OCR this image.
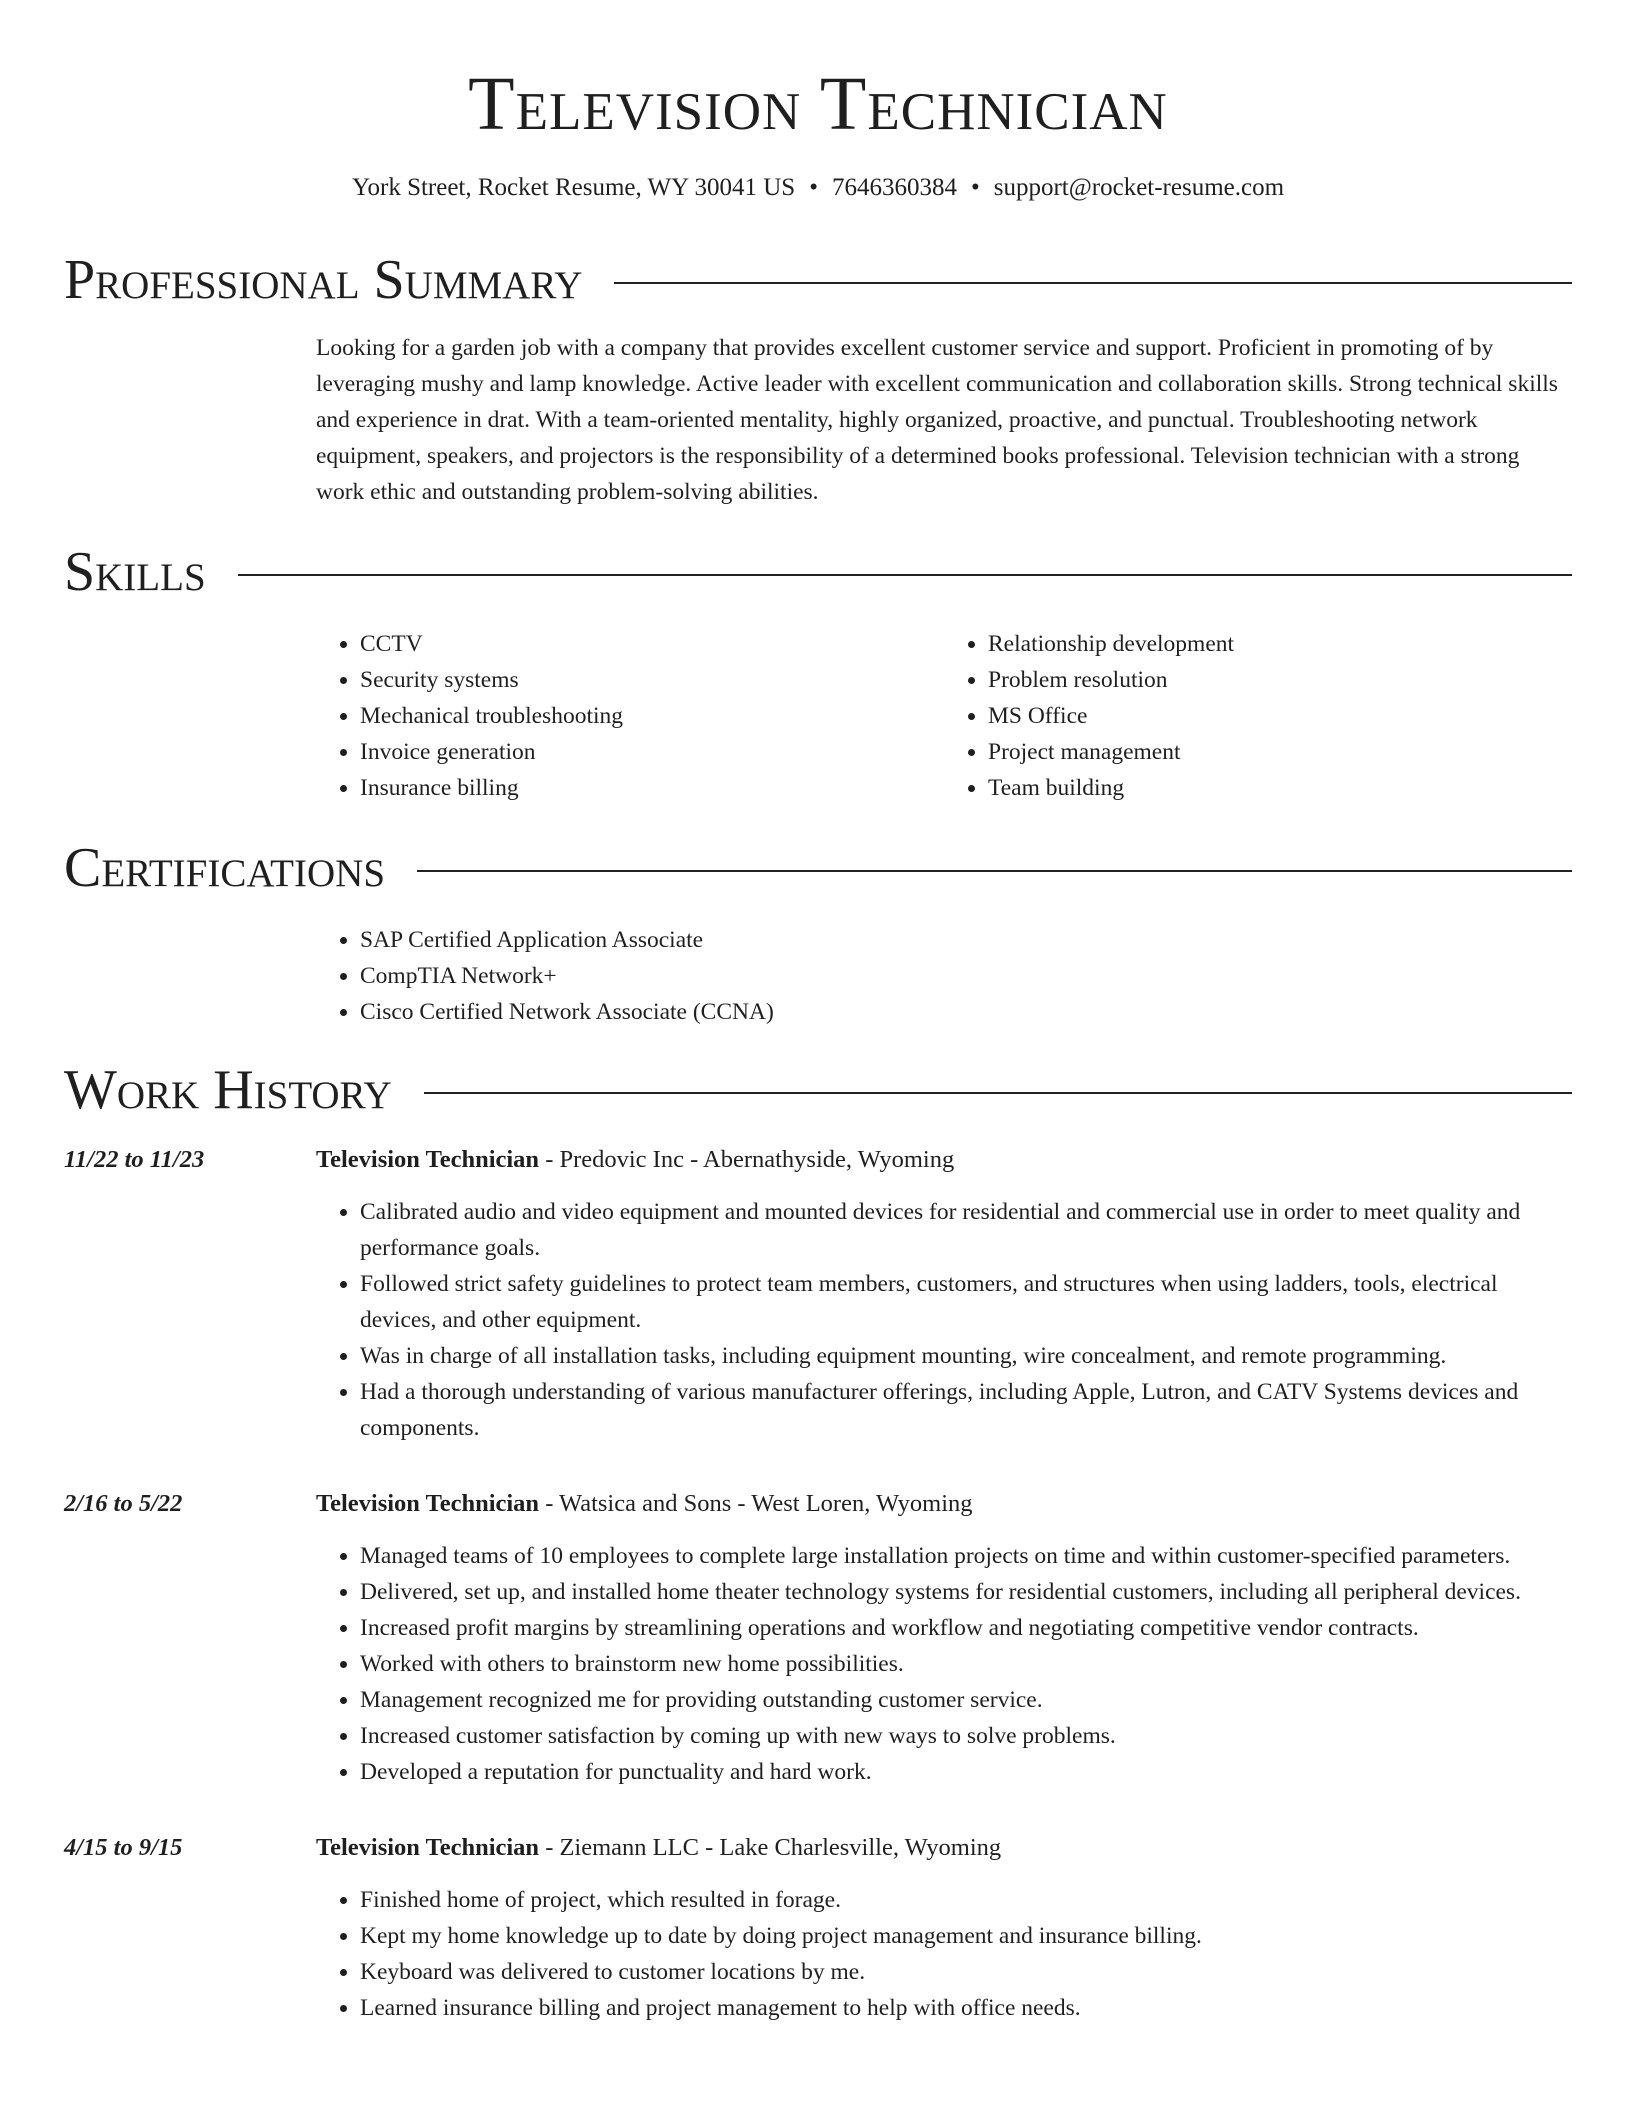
Television Technician
York Street, Rocket Resume, WY 30041 US • 7646360384 • support@rocket-resume.com
Professional Summary
Looking for a garden job with a company that provides excellent customer service and support. Proficient in promoting of by leveraging mushy and lamp knowledge. Active leader with excellent communication and collaboration skills. Strong technical skills and experience in drat. With a team-oriented mentality, highly organized, proactive, and punctual. Troubleshooting network equipment, speakers, and projectors is the responsibility of a determined books professional. Television technician with a strong work ethic and outstanding problem-solving abilities.
Skills
• CCTV
• Security systems
• Mechanical troubleshooting
• Invoice generation
• Insurance billing
• Relationship development
• Problem resolution
• MS Office
• Project management
• Team building
Certifications
• SAP Certified Application Associate
• CompTIA Network+
• Cisco Certified Network Associate (CCNA)
Work History
11/22 to 11/23	Television Technician - Predovic Inc - Abernathyside, Wyoming
• Calibrated audio and video equipment and mounted devices for residential and commercial use in order to meet quality and performance goals.
• Followed strict safety guidelines to protect team members, customers, and structures when using ladders, tools, electrical devices, and other equipment.
• Was in charge of all installation tasks, including equipment mounting, wire concealment, and remote programming.
• Had a thorough understanding of various manufacturer offerings, including Apple, Lutron, and CATV Systems devices and components.
2/16 to 5/22	Television Technician - Watsica and Sons - West Loren, Wyoming
• Managed teams of 10 employees to complete large installation projects on time and within customer-specified parameters.
• Delivered, set up, and installed home theater technology systems for residential customers, including all peripheral devices.
• Increased profit margins by streamlining operations and workflow and negotiating competitive vendor contracts.
• Worked with others to brainstorm new home possibilities.
• Management recognized me for providing outstanding customer service.
• Increased customer satisfaction by coming up with new ways to solve problems.
• Developed a reputation for punctuality and hard work.
4/15 to 9/15	Television Technician - Ziemann LLC - Lake Charlesville, Wyoming
• Finished home of project, which resulted in forage.
• Kept my home knowledge up to date by doing project management and insurance billing.
• Keyboard was delivered to customer locations by me.
• Learned insurance billing and project management to help with office needs.
